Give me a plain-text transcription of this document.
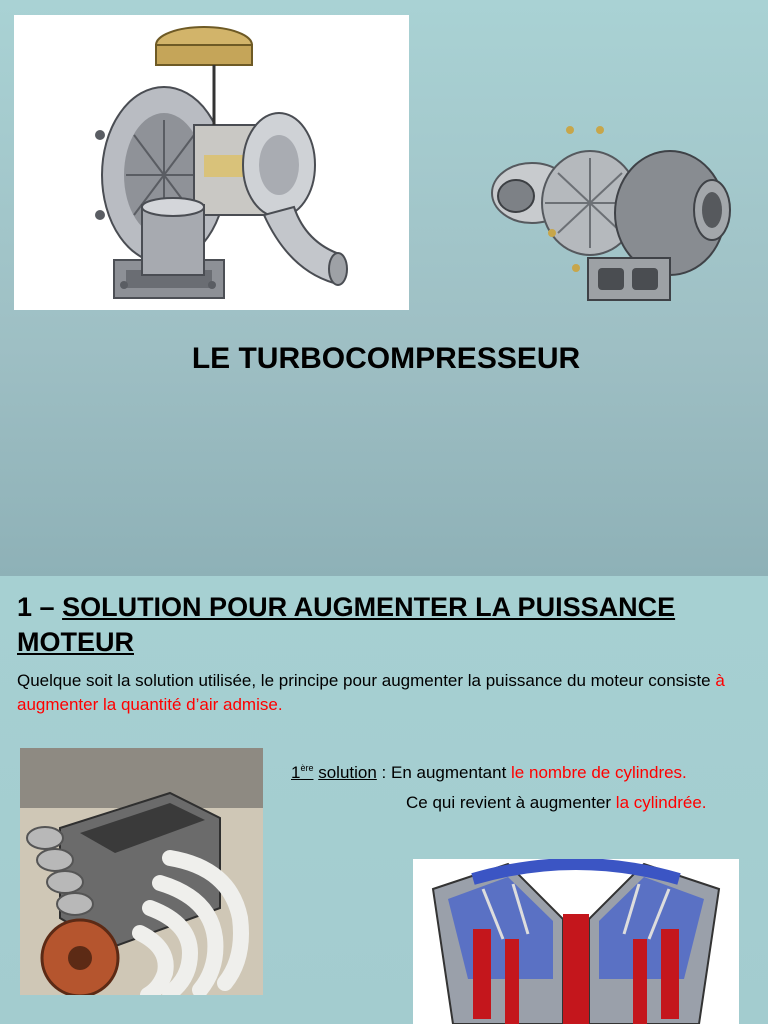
LE TURBOCOMPRESSEUR
1 – SOLUTION POUR AUGMENTER LA PUISSANCE MOTEUR
Quelque soit la solution utilisée, le principe pour augmenter la puissance du moteur consiste à augmenter la quantité d’air admise.
1ère solution : En augmentant le nombre de cylindres.
Ce qui revient à augmenter la cylindrée.
